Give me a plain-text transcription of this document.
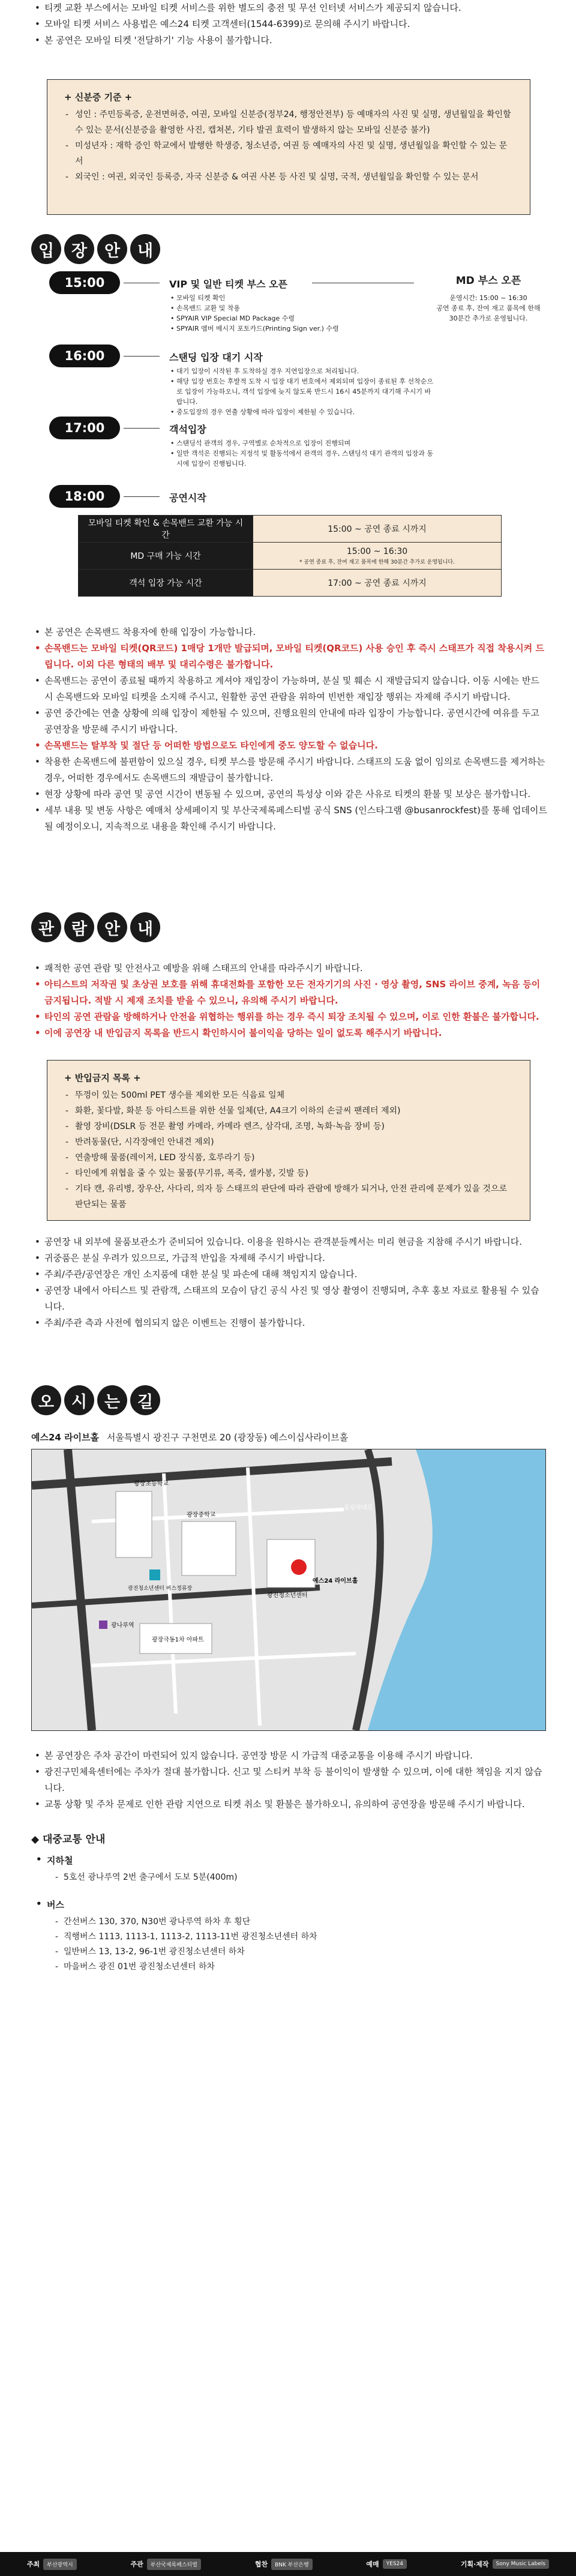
• 티켓 교환 부스에서는 모바일 티켓 서비스를 위한 별도의 충전 및 무선 인터넷 서비스가 제공되지 않습니다.
• 모바일 티켓 서비스 사용법은 예스24 티켓 고객센터(1544-6399)로 문의해 주시기 바랍니다.
• 본 공연은 모바일 티켓 '전달하기' 기능 사용이 불가합니다.
+ 신분증 기준 +
- 성인 : 주민등록증, 운전면허증, 여권, 모바일 신분증(정부24, 행정안전부) 등 예매자의 사진 및 실명, 생년월일을 확인할 수 있는 문서(신분증을 촬영한 사진, 캡쳐본, 기타 발권 효력이 발생하지 않는 모바일 신분증 불가)
- 미성년자 : 재학 증인 학교에서 발행한 학생증, 청소년증, 여권 등 예매자의 사진 및 실명, 생년월일을 확인할 수 있는 문서
- 외국인 : 여권, 외국인 등록증, 자국 신분증 & 여권 사본 등 사진 및 실명, 국적, 생년월일을 확인할 수 있는 문서
입	장	안	내
15:00	VIP 및 일반 티켓 부스 오픈
• 모바일 티켓 확인
• 손목밴드 교환 및 착용
• SPYAIR VIP Special MD Package 수령
• SPYAIR 멤버 메시지 포토카드(Printing Sign ver.) 수령
MD 부스 오픈
운영시간: 15:00 ~ 16:30
공연 종료 후, 잔여 재고 품목에 한해 30분간 추가로 운영됩니다.
16:00	스탠딩 입장 대기 시작
• 대기 입장이 시작된 후 도착하실 경우 지연입장으로 처리됩니다.
• 해당 입장 번호는 후발적 도착 시 입장 대기 번호에서 제외되며 입장이 종료된 후 선착순으로 입장이 가능하오니, 객석 입장에 늦지 않도록 반드시 16시 45분까지 대기해 주시기 바랍니다.
• 중도입장의 경우 연출 상황에 따라 입장이 제한될 수 있습니다.
17:00	객석입장
• 스탠딩석 관객의 경우, 구역별로 순차적으로 입장이 진행되며
• 일반 객석은 진행되는 지정석 및 활동석에서 관객의 경우, 스탠딩석 대기 관객의 입장과 동시에 입장이 진행됩니다.
18:00	공연시작
모바일 티켓 확인 & 손목밴드 교환 가능 시간	15:00 ~ 공연 종료 시까지
MD 구매 가능 시간	15:00 ~ 16:30
* 공연 종료 후, 잔여 재고 품목에 한해 30분간 추가로 운영됩니다.

객석 입장 가능 시간	17:00 ~ 공연 종료 시까지
• 본 공연은 손목밴드 착용자에 한해 입장이 가능합니다.
• 손목밴드는 모바일 티켓(QR코드) 1매당 1개만 발급되며, 모바일 티켓(QR코드) 사용 승인 후 즉시 스태프가 직접 착용시켜 드립니다. 이외 다른 형태의 배부 및 대리수령은 불가합니다.
• 손목밴드는 공연이 종료될 때까지 착용하고 계셔야 재입장이 가능하며, 분실 및 훼손 시 재발급되지 않습니다. 이동 시에는 반드시 손목밴드와 모바일 티켓을 소지해 주시고, 원활한 공연 관람을 위하여 빈번한 재입장 행위는 자제해 주시기 바랍니다.
• 공연 중간에는 연출 상황에 의해 입장이 제한될 수 있으며, 진행요원의 안내에 따라 입장이 가능합니다. 공연시간에 여유를 두고 공연장을 방문해 주시기 바랍니다.
• 손목밴드는 탈부착 및 절단 등 어떠한 방법으로도 타인에게 중도 양도할 수 없습니다.
• 착용한 손목밴드에 불편함이 있으실 경우, 티켓 부스를 방문해 주시기 바랍니다. 스태프의 도움 없이 임의로 손목밴드를 제거하는 경우, 어떠한 경우에서도 손목밴드의 재발급이 불가합니다.
• 현장 상황에 따라 공연 및 공연 시간이 변동될 수 있으며, 공연의 특성상 이와 같은 사유로 티켓의 환불 및 보상은 불가합니다.
• 세부 내용 및 변동 사항은 예매처 상세페이지 및 부산국제록페스티벌 공식 SNS (인스타그램 @busanrockfest)를 통해 업데이트될 예정이오니, 지속적으로 내용을 확인해 주시기 바랍니다.
관	람	안	내
• 쾌적한 공연 관람 및 안전사고 예방을 위해 스태프의 안내를 따라주시기 바랍니다.
• 아티스트의 저작권 및 초상권 보호를 위해 휴대전화를 포함한 모든 전자기기의 사진 · 영상 촬영, SNS 라이브 중계, 녹음 등이 금지됩니다. 적발 시 제재 조치를 받을 수 있으니, 유의해 주시기 바랍니다.
• 타인의 공연 관람을 방해하거나 안전을 위협하는 행위를 하는 경우 즉시 퇴장 조치될 수 있으며, 이로 인한 환불은 불가합니다.
• 이에 공연장 내 반입금지 목록을 반드시 확인하시어 불이익을 당하는 일이 없도록 해주시기 바랍니다.
+ 반입금지 목록 +
- 뚜껑이 있는 500ml PET 생수를 제외한 모든 식음료 일체
- 화환, 꽃다발, 화분 등 아티스트를 위한 선물 일체(단, A4크기 이하의 손글씨 팬레터 제외)
- 촬영 장비(DSLR 등 전문 촬영 카메라, 카메라 렌즈, 삼각대, 조명, 녹화·녹음 장비 등)
- 반려동물(단, 시각장애인 안내견 제외)
- 연출방해 물품(레이저, LED 장식품, 호루라기 등)
- 타인에게 위협을 줄 수 있는 물품(무기류, 폭죽, 셀카봉, 깃발 등)
- 기타 캔, 유리병, 장우산, 사다리, 의자 등 스태프의 판단에 따라 관람에 방해가 되거나, 안전 관리에 문제가 있을 것으로 판단되는 물품
• 공연장 내 외부에 물품보관소가 준비되어 있습니다. 이용을 원하시는 관객분들께서는 미리 현금을 지참해 주시기 바랍니다.
• 귀중품은 분실 우려가 있으므로, 가급적 반입을 자제해 주시기 바랍니다.
• 주최/주관/공연장은 개인 소지품에 대한 분실 및 파손에 대해 책임지지 않습니다.
• 공연장 내에서 아티스트 및 관람객, 스태프의 모습이 담긴 공식 사진 및 영상 촬영이 진행되며, 추후 홍보 자료로 활용될 수 있습니다.
• 주최/주관 측과 사전에 협의되지 않은 이벤트는 진행이 불가합니다.
오	시	는	길
예스24 라이브홀 서울특별시 광진구 구천면로 20 (광장동) 예스이십사라이브홀
광장초등학교
광장중학교
예스24 라이브홀
광진청소년센터
광진청소년센터 버스정류장
광나루역
광장극동1차 아파트
올림픽대로
• 본 공연장은 주차 공간이 마련되어 있지 않습니다. 공연장 방문 시 가급적 대중교통을 이용해 주시기 바랍니다.
• 광진구민체육센터에는 주차가 절대 불가합니다. 신고 및 스티커 부착 등 불이익이 발생할 수 있으며, 이에 대한 책임을 지지 않습니다.
• 교통 상황 및 주차 문제로 인한 관람 지연으로 티켓 취소 및 환불은 불가하오니, 유의하여 공연장을 방문해 주시기 바랍니다.
◆ 대중교통 안내
• 지하철
- 5호선 광나루역 2번 출구에서 도보 5분(400m)
• 버스
- 간선버스 130, 370, N30번 광나루역 하차 후 횡단
- 직행버스 1113, 1113-1, 1113-2, 1113-11번 광진청소년센터 하차
- 일반버스 13, 13-2, 96-1번 광진청소년센터 하차
- 마을버스 광진 01번 광진청소년센터 하차
주최	부산광역시	주관	부산국제록페스티벌	협찬	BNK 부산은행	예매	YES24	기획·제작	Sony Music Labels
